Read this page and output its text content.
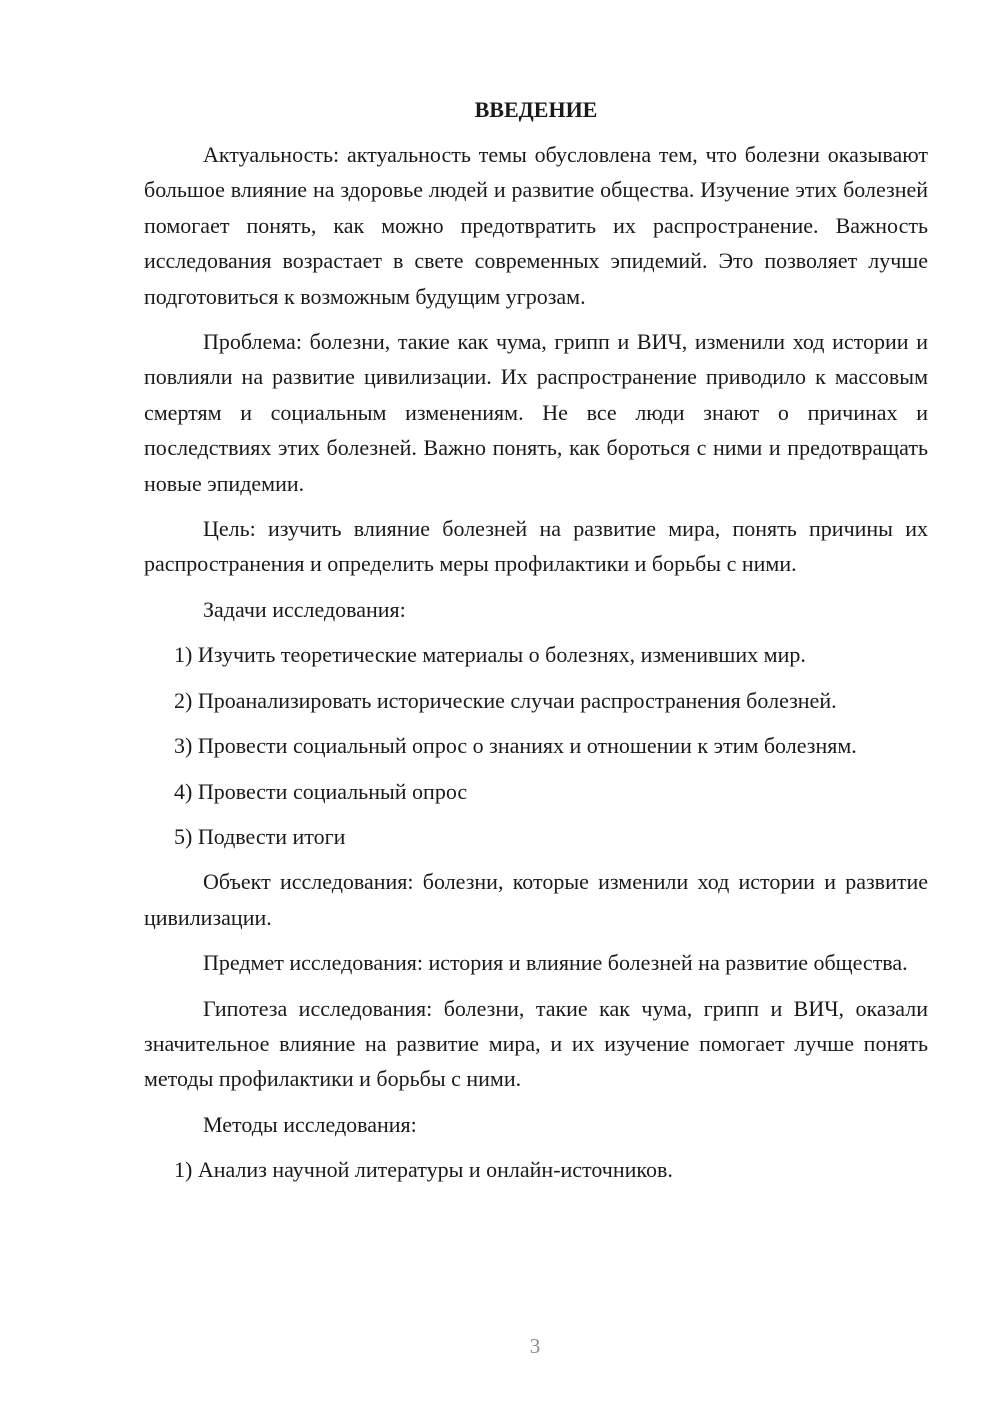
ВВЕДЕНИЕ

Актуальность: актуальность темы обусловлена тем, что болезни оказывают большое влияние на здоровье людей и развитие общества. Изучение этих болезней помогает понять, как можно предотвратить их распространение. Важность исследования возрастает в свете современных эпидемий. Это позволяет лучше подготовиться к возможным будущим угрозам.

Проблема: болезни, такие как чума, грипп и ВИЧ, изменили ход истории и повлияли на развитие цивилизации. Их распространение приводило к массовым смертям и социальным изменениям. Не все люди знают о причинах и последствиях этих болезней. Важно понять, как бороться с ними и предотвращать новые эпидемии.

Цель: изучить влияние болезней на развитие мира, понять причины их распространения и определить меры профилактики и борьбы с ними.

Задачи исследования:

1) Изучить теоретические материалы о болезнях, изменивших мир.

2) Проанализировать исторические случаи распространения болезней.

3) Провести социальный опрос о знаниях и отношении к этим болезням.

4) Провести социальный опрос

5) Подвести итоги

Объект исследования: болезни, которые изменили ход истории и развитие цивилизации.

Предмет исследования: история и влияние болезней на развитие общества.

Гипотеза исследования: болезни, такие как чума, грипп и ВИЧ, оказали значительное влияние на развитие мира, и их изучение помогает лучше понять методы профилактики и борьбы с ними.

Методы исследования:

1) Анализ научной литературы и онлайн-источников.

3
